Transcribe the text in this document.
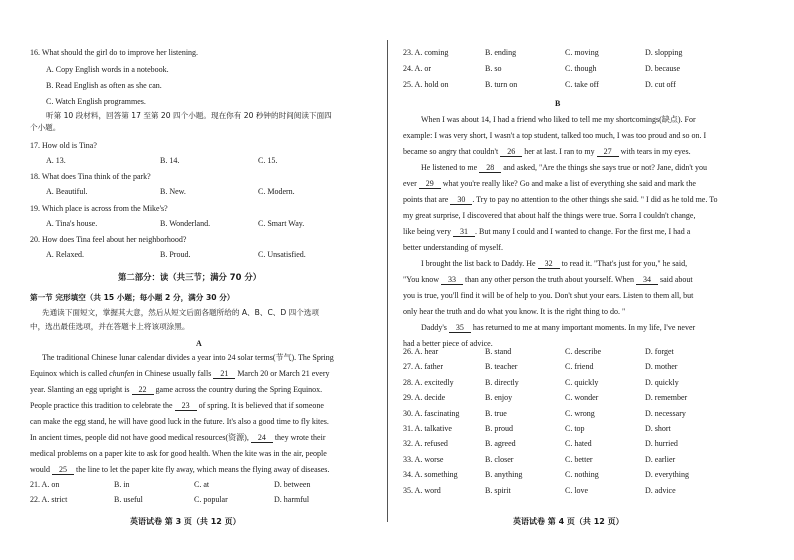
16. What should the girl do to improve her listening.
A. Copy English words in a notebook.
B. Read English as often as she can.
C. Watch English programmes.
听第 10 段材料，回答第 17 至第 20 四个小题。现在你有 20 秒钟的时间阅读下面四
个小题。
17. How old is Tina?
A. 13.	B. 14.	C. 15.
18. What does Tina think of the park?
A. Beautiful.	B. New.	C. Modern.
19. Which place is across from the Mike's?
A. Tina's house.	B. Wonderland.	C. Smart Way.
20. How does Tina feel about her neighborhood?
A. Relaxed.	B. Proud.	C. Unsatisfied.
第二部分：读（共三节；满分 70 分）
第一节 完形填空（共 15 小题；每小题 2 分，满分 30 分）
先通读下面短文，掌握其大意，然后从短文后面各题所给的 A、B、C、D 四个选项
中，选出最佳选项，并在答题卡上将该项涂黑。
A
The traditional Chinese lunar calendar divides a year into 24 solar terms(节气). The Spring
Equinox which is called chunfen in Chinese usually falls 21 March 20 or March 21 every
year. Slanting an egg upright is 22 game across the country during the Spring Equinox.
People practice this tradition to celebrate the 23 of spring. It is believed that if someone
can make the egg stand, he will have good luck in the future. It's also a good time to fly kites.
In ancient times, people did not have good medical resources(资源), 24 they wrote their
medical problems on a paper kite to ask for good health. When the kite was in the air, people
would 25 the line to let the paper kite fly away, which means the flying away of diseases.
21. A. on	B. in	C. at	D. between
22. A. strict	B. useful	C. popular	D. harmful
英语试卷 第 3 页（共 12 页）
23. A. coming	B. ending	C. moving	D. slopping
24. A. or	B. so	C. though	D. because
25. A. hold on	B. turn on	C. take off	D. cut off
B
When I was about 14, I had a friend who liked to tell me my shortcomings(缺点). For
example: I was very short, I wasn't a top student, talked too much, I was too proud and so on. I
became so angry that couldn't 26 her at last. I ran to my 27 with tears in my eyes.
He listened to me 28 and asked, "Are the things she says true or not? Jane, didn't you
ever 29 what you're really like? Go and make a list of everything she said and mark the
points that are 30 . Try to pay no attention to the other things she said. " I did as he told me. To
my great surprise, I discovered that about half the things were true. Sorra I couldn't change,
like being very 31 . But many I could and I wanted to change. For the first me, I had a
better understanding of myself.
I brought the list back to Daddy. He 32 to read it. "That's just for you," he said,
"You know 33 than any other person the truth about yourself. When 34 said about
you is true, you'll find it will be of help to you. Don't shut your ears. Listen to them all, but
only hear the truth and do what you know. It is the right thing to do. "
Daddy's 35 has returned to me at many important moments. In my life, I've never
had a better piece of advice.
26. A. hear	B. stand	C. describe	D. forget
27. A. father	B. teacher	C. friend	D. mother
28. A. excitedly	B. directly	C. quickly	D. quickly
29. A. decide	B. enjoy	C. wonder	D. remember
30. A. fascinating	B. true	C. wrong	D. necessary
31. A. talkative	B. proud	C. top	D. short
32. A. refused	B. agreed	C. hated	D. hurried
33. A. worse	B. closer	C. better	D. earlier
34. A. something	B. anything	C. nothing	D. everything
35. A. word	B. spirit	C. love	D. advice
英语试卷 第 4 页（共 12 页）
